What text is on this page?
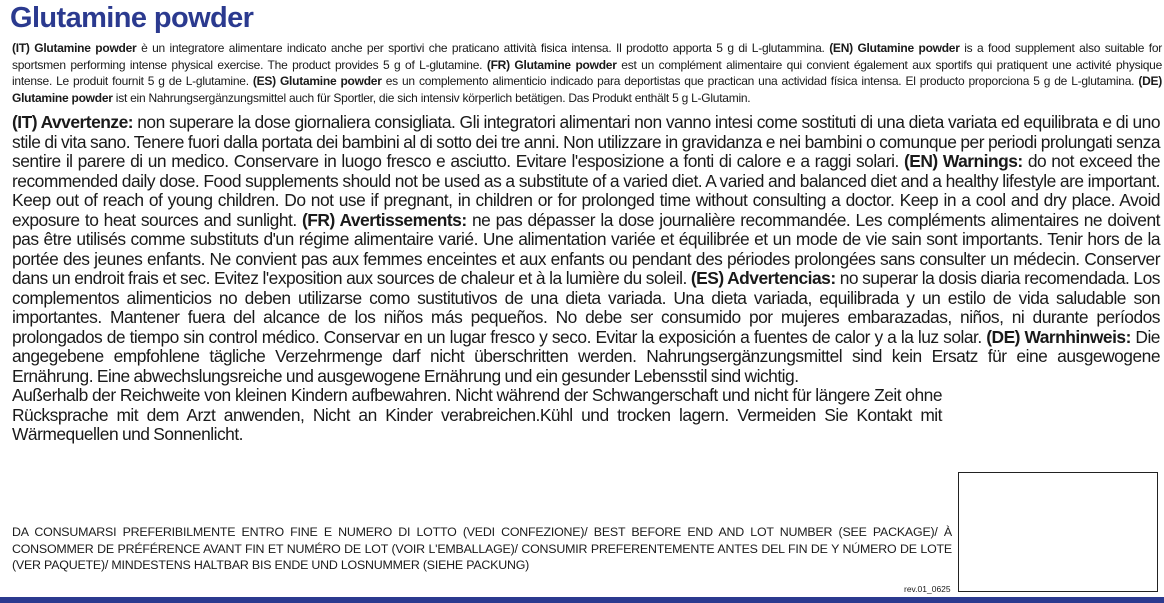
Glutamine powder

(IT) Glutamine powder è un integratore alimentare indicato anche per sportivi che praticano attività fisica intensa. Il prodotto apporta 5 g di L-glutammina. (EN) Glutamine powder is a food supplement also suitable for sportsmen performing intense physical exercise. The product provides 5 g of L-glutamine. (FR) Glutamine powder est un complément alimentaire qui convient également aux sportifs qui pratiquent une activité physique intense. Le produit fournit 5 g de L-glutamine. (ES) Glutamine powder es un complemento alimenticio indicado para deportistas que practican una actividad física intensa. El producto proporciona 5 g de L-glutamina. (DE) Glutamine powder ist ein Nahrungsergänzungsmittel auch für Sportler, die sich intensiv körperlich betätigen. Das Produkt enthält 5 g L-Glutamin.

(IT) Avvertenze: non superare la dose giornaliera consigliata. Gli integratori alimentari non vanno intesi come sostituti di una dieta variata ed equilibrata e di uno stile di vita sano. Tenere fuori dalla portata dei bambini al di sotto dei tre anni. Non utilizzare in gravidanza e nei bambini o comunque per periodi prolungati senza sentire il parere di un medico. Conservare in luogo fresco e asciutto. Evitare l'esposizione a fonti di calore e a raggi solari. (EN) Warnings: do not exceed the recommended daily dose. Food supplements should not be used as a substitute of a varied diet. A varied and balanced diet and a healthy lifestyle are important. Keep out of reach of young children. Do not use if pregnant, in children or for prolonged time without consulting a doctor. Keep in a cool and dry place. Avoid exposure to heat sources and sunlight. (FR) Avertissements: ne pas dépasser la dose journalière recommandée. Les compléments alimentaires ne doivent pas être utilisés comme substituts d'un régime alimentaire varié. Une alimentation variée et équilibrée et un mode de vie sain sont importants. Tenir hors de la portée des jeunes enfants. Ne convient pas aux femmes enceintes et aux enfants ou pendant des périodes prolongées sans consulter un médecin. Conserver dans un endroit frais et sec. Evitez l'exposition aux sources de chaleur et à la lumière du soleil. (ES) Advertencias: no superar la dosis diaria recomendada. Los complementos alimenticios no deben utilizarse como sustitutivos de una dieta variada. Una dieta variada, equilibrada y un estilo de vida saludable son importantes. Mantener fuera del alcance de los niños más pequeños. No debe ser consumido por mujeres embarazadas, niños, ni durante períodos prolongados de tiempo sin control médico. Conservar en un lugar fresco y seco. Evitar la exposición a fuentes de calor y a la luz solar. (DE) Warnhinweis: Die angegebene empfohlene tägliche Verzehrmenge darf nicht überschritten werden. Nahrungsergänzungsmittel sind kein Ersatz für eine ausgewogene Ernährung. Eine abwechslungsreiche und ausgewogene Ernährung und ein gesunder Lebensstil sind wichtig.
Außerhalb der Reichweite von kleinen Kindern aufbewahren. Nicht während der Schwangerschaft und nicht für längere Zeit ohne Rücksprache mit dem Arzt anwenden, Nicht an Kinder verabreichen.Kühl und trocken lagern. Vermeiden Sie Kontakt mit Wärmequellen und Sonnenlicht.

DA CONSUMARSI PREFERIBILMENTE ENTRO FINE E NUMERO DI LOTTO (VEDI CONFEZIONE)/ BEST BEFORE END AND LOT NUMBER (SEE PACKAGE)/ À CONSOMMER DE PRÉFÉRENCE AVANT FIN ET NUMÉRO DE LOT (VOIR L'EMBALLAGE)/ CONSUMIR PREFERENTEMENTE ANTES DEL FIN DE Y NÚMERO DE LOTE (VER PAQUETE)/ MINDESTENS HALTBAR BIS ENDE UND LOSNUMMER (SIEHE PACKUNG)

rev.01_0625
